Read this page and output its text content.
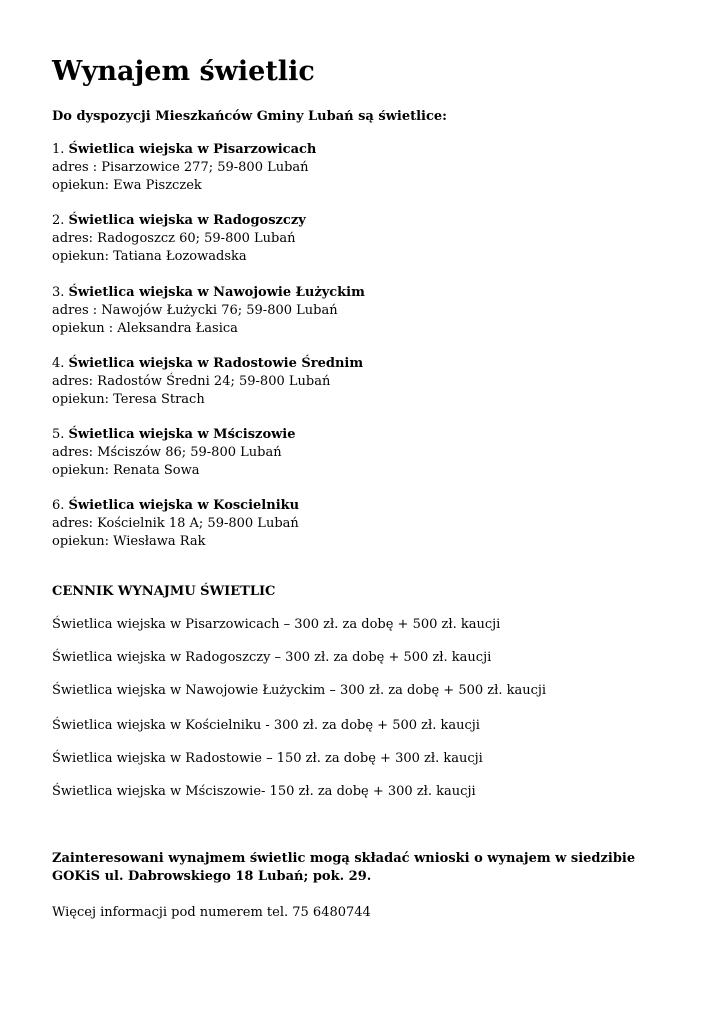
Wynajem świetlic
Do dyspozycji Mieszkańców Gminy Lubań są świetlice:
1. Świetlica wiejska w Pisarzowicach
adres : Pisarzowice 277; 59-800 Lubań
opiekun: Ewa Piszczek
2. Świetlica wiejska w Radogoszczy
adres: Radogoszcz 60; 59-800 Lubań
opiekun: Tatiana Łozowadska
3. Świetlica wiejska w Nawojowie Łużyckim
adres : Nawojów Łużycki 76; 59-800 Lubań
opiekun : Aleksandra Łasica
4. Świetlica wiejska w Radostowie Średnim
adres: Radostów Średni 24; 59-800 Lubań
opiekun: Teresa Strach
5. Świetlica wiejska w Mściszowie
adres: Mściszów 86; 59-800 Lubań
opiekun: Renata Sowa
6. Świetlica wiejska w Koscielniku
adres: Kościelnik 18 A; 59-800 Lubań
opiekun: Wiesława Rak
CENNIK WYNAJMU ŚWIETLIC
Świetlica wiejska w Pisarzowicach – 300 zł. za dobę + 500 zł. kaucji
Świetlica wiejska w Radogoszczy – 300 zł. za dobę + 500 zł. kaucji
Świetlica wiejska w Nawojowie Łużyckim – 300 zł. za dobę + 500 zł. kaucji
Świetlica wiejska w Kościelniku - 300 zł. za dobę + 500 zł. kaucji
Świetlica wiejska w Radostowie – 150 zł. za dobę + 300 zł. kaucji
Świetlica wiejska w Mściszowie- 150 zł. za dobę + 300 zł. kaucji
Zainteresowani wynajmem świetlic mogą składać wnioski o wynajem w siedzibie GOKiS ul. Dabrowskiego 18 Lubań; pok. 29.
Więcej informacji pod numerem tel. 75 6480744
